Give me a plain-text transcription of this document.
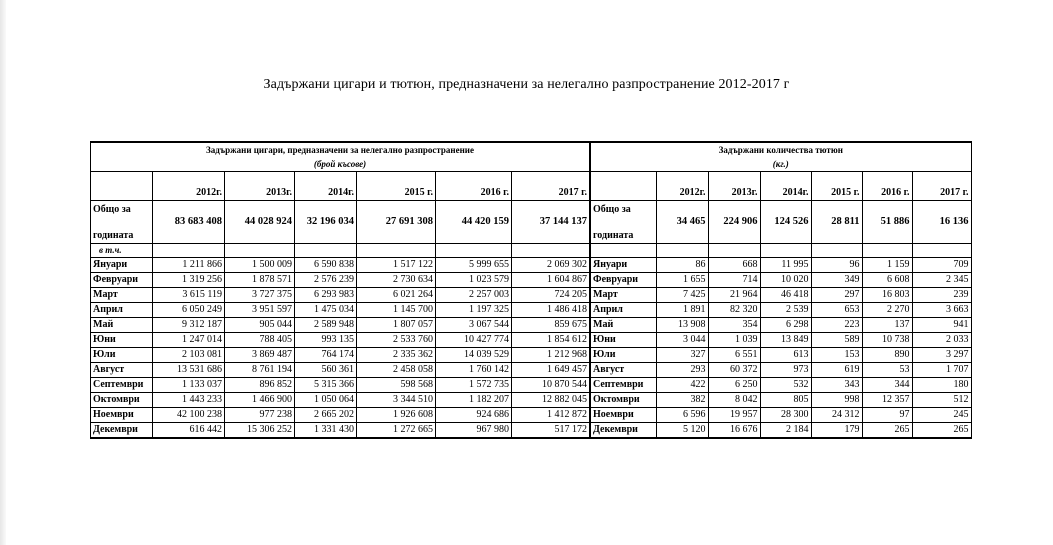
Задържани цигари и тютюн, предназначени за нелегално разпространение 2012-2017 г
Задържани цигари, предназначени за нелегално разпространение						
(брой късове)						
	2012г.	2013г.	2014г.	2015 г.	2016 г.	2017 г.
Общо за

годината	83 683 408	44 028 924	32 196 034	27 691 308	44 420 159	37 144 137
в т.ч.						
Януари	1 211 866	1 500 009	6 590 838	1 517 122	5 999 655	2 069 302
Февруари	1 319 256	1 878 571	2 576 239	2 730 634	1 023 579	1 604 867
Март	3 615 119	3 727 375	6 293 983	6 021 264	2 257 003	724 205
Април	6 050 249	3 951 597	1 475 034	1 145 700	1 197 325	1 486 418
Май	9 312 187	905 044	2 589 948	1 807 057	3 067 544	859 675
Юни	1 247 014	788 405	993 135	2 533 760	10 427 774	1 854 612
Юли	2 103 081	3 869 487	764 174	2 335 362	14 039 529	1 212 968
Август	13 531 686	8 761 194	560 361	2 458 058	1 760 142	1 649 457
Септември	1 133 037	896 852	5 315 366	598 568	1 572 735	10 870 544
Октомври	1 443 233	1 466 900	1 050 064	3 344 510	1 182 207	12 882 045
Ноември	42 100 238	977 238	2 665 202	1 926 608	924 686	1 412 872
Декември	616 442	15 306 252	1 331 430	1 272 665	967 980	517 172
Задържани количества тютюн						
(кг.)						
	2012г.	2013г.	2014г.	2015 г.	2016 г.	2017 г.
Общо за

годината	34 465	224 906	124 526	28 811	51 886	16 136

Януари	86	668	11 995	96	1 159	709
Февруари	1 655	714	10 020	349	6 608	2 345
Март	7 425	21 964	46 418	297	16 803	239
Април	1 891	82 320	2 539	653	2 270	3 663
Май	13 908	354	6 298	223	137	941
Юни	3 044	1 039	13 849	589	10 738	2 033
Юли	327	6 551	613	153	890	3 297
Август	293	60 372	973	619	53	1 707
Септември	422	6 250	532	343	344	180
Октомври	382	8 042	805	998	12 357	512
Ноември	6 596	19 957	28 300	24 312	97	245
Декември	5 120	16 676	2 184	179	265	265
